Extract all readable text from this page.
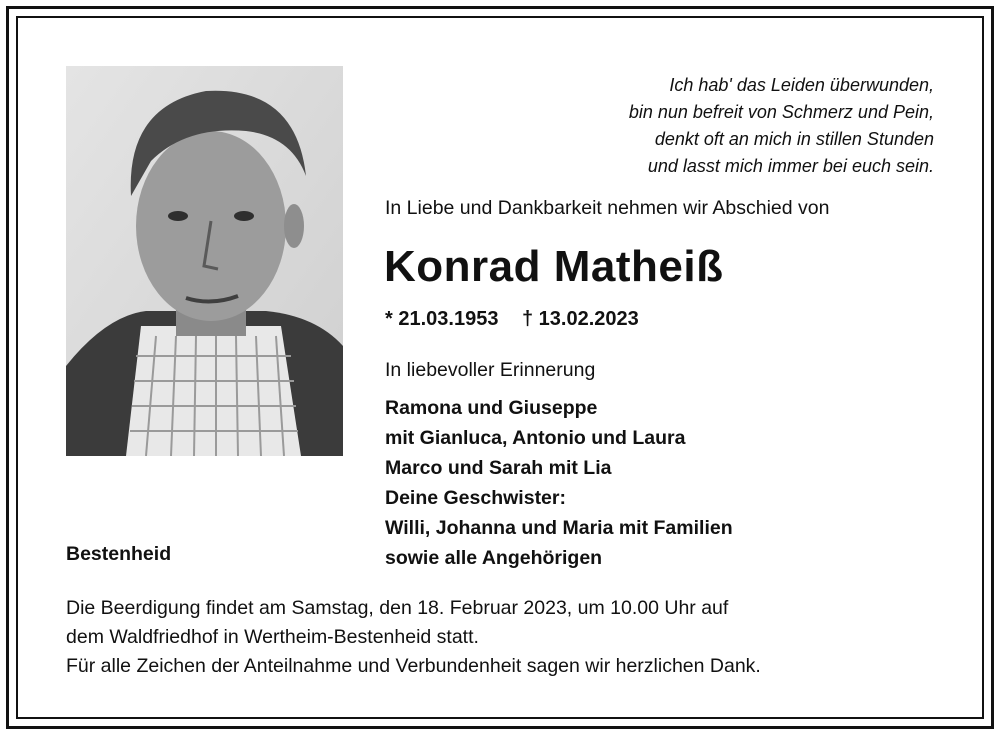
Ich hab' das Leiden überwunden,
bin nun befreit von Schmerz und Pein,
denkt oft an mich in stillen Stunden
und lasst mich immer bei euch sein.
In Liebe und Dankbarkeit nehmen wir Abschied von
Konrad Matheiß
* 21.03.1953 † 13.02.2023
In liebevoller Erinnerung
Ramona und Giuseppe
mit Gianluca, Antonio und Laura
Marco und Sarah mit Lia
Deine Geschwister:
Willi, Johanna und Maria mit Familien
sowie alle Angehörigen
Bestenheid
Die Beerdigung findet am Samstag, den 18. Februar 2023, um 10.00 Uhr auf
dem Waldfriedhof in Wertheim-Bestenheid statt.
Für alle Zeichen der Anteilnahme und Verbundenheit sagen wir herzlichen Dank.
